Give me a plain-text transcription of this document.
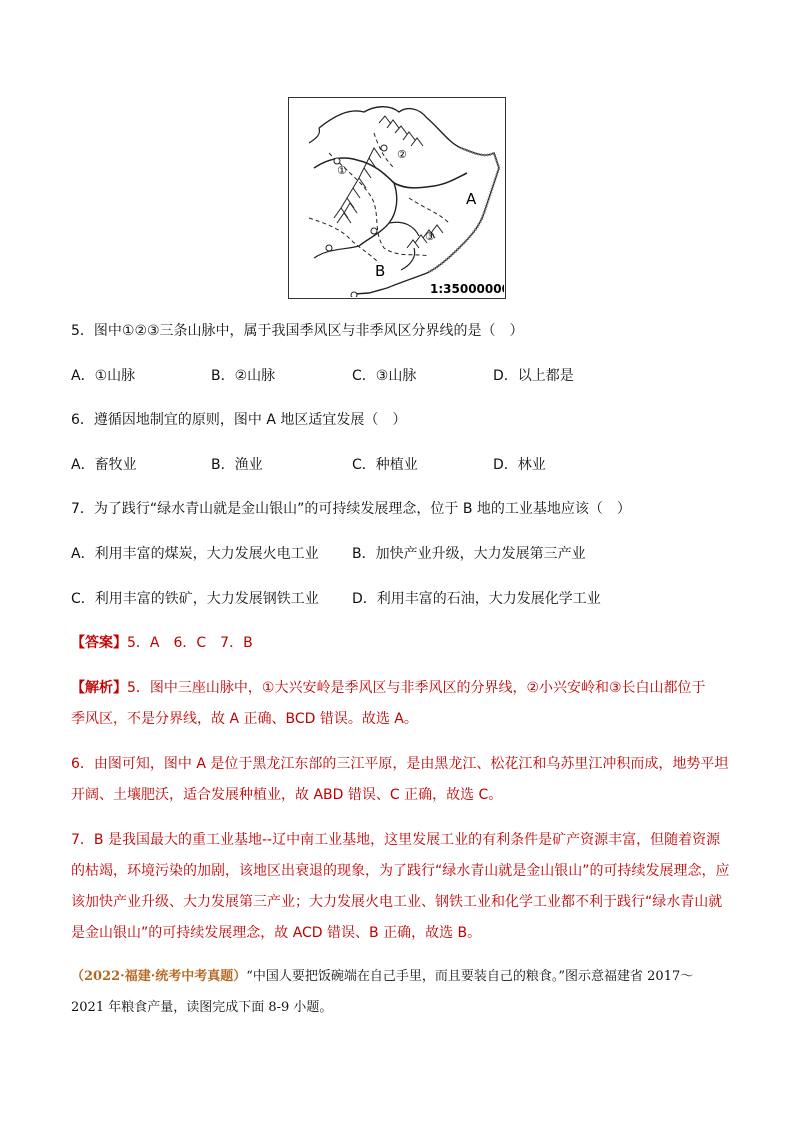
①
②
③
A
B
1:35000000
5．图中①②③三条山脉中，属于我国季风区与非季风区分界线的是（　）
A．①山脉	B．②山脉	C．③山脉	D．以上都是
6．遵循因地制宜的原则，图中 A 地区适宜发展（　）
A．畜牧业	B．渔业	C．种植业	D．林业
7．为了践行“绿水青山就是金山银山”的可持续发展理念，位于 B 地的工业基地应该（　）
A．利用丰富的煤炭，大力发展火电工业 B．加快产业升级，大力发展第三产业
C．利用丰富的铁矿，大力发展钢铁工业 D．利用丰富的石油，大力发展化学工业
【答案】5．A　6．C　7．B
【解析】5．图中三座山脉中，①大兴安岭是季风区与非季风区的分界线，②小兴安岭和③长白山都位于
季风区，不是分界线，故 A 正确、BCD 错误。故选 A。
6．由图可知，图中 A 是位于黑龙江东部的三江平原，是由黑龙江、松花江和乌苏里江冲积而成，地势平坦
开阔、土壤肥沃，适合发展种植业，故 ABD 错误、C 正确，故选 C。
7．B 是我国最大的重工业基地--辽中南工业基地，这里发展工业的有利条件是矿产资源丰富，但随着资源
的枯竭，环境污染的加剧，该地区出衰退的现象，为了践行“绿水青山就是金山银山”的可持续发展理念，应
该加快产业升级、大力发展第三产业；大力发展火电工业、钢铁工业和化学工业都不利于践行“绿水青山就
是金山银山”的可持续发展理念，故 ACD 错误、B 正确，故选 B。
（2022·福建·统考中考真题）“中国人要把饭碗端在自己手里，而且要装自己的粮食。”图示意福建省 2017～
2021 年粮食产量，读图完成下面 8-9 小题。
